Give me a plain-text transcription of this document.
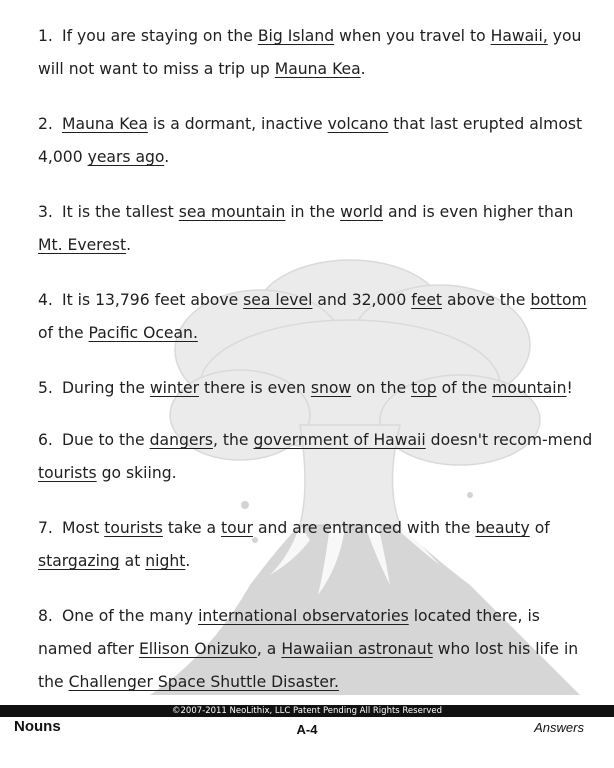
1. If you are staying on the Big Island when you travel to Hawaii, you will not want to miss a trip up Mauna Kea.
2. Mauna Kea is a dormant, inactive volcano that last erupted almost 4,000 years ago.
3. It is the tallest sea mountain in the world and is even higher than Mt. Everest.
4. It is 13,796 feet above sea level and 32,000 feet above the bottom of the Pacific Ocean.
5. During the winter there is even snow on the top of the mountain!
6. Due to the dangers, the government of Hawaii doesn't recom-mend tourists go skiing.
7. Most tourists take a tour and are entranced with the beauty of stargazing at night.
8. One of the many international observatories located there, is named after Ellison Onizuko, a Hawaiian astronaut who lost his life in the Challenger Space Shuttle Disaster.
©2007-2011 NeoLithix, LLC Patent Pending All Rights Reserved
Nouns	A-4	Answers
